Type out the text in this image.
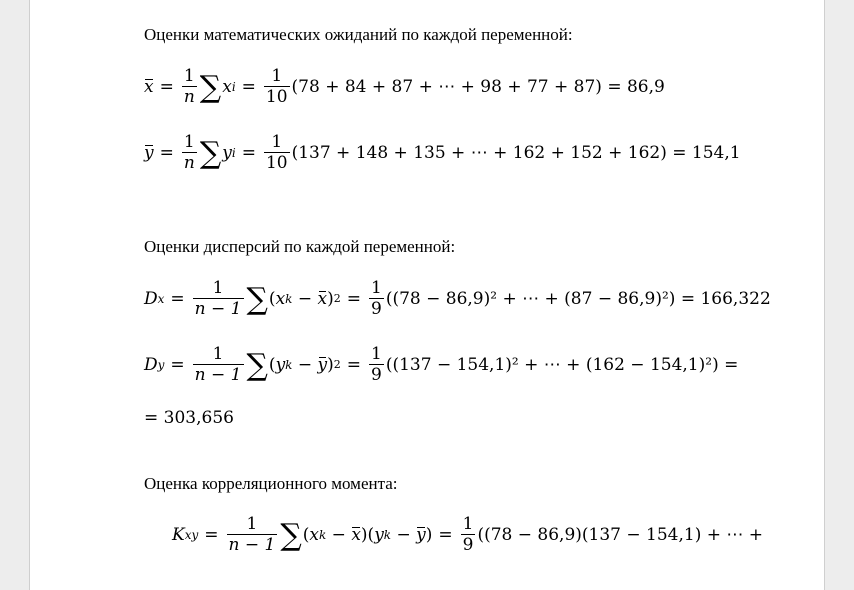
Оценки математических ожиданий по каждой переменной:
$x = \frac{1}{n}$ ∑ x $i = \frac{1}{10} (78 + 84 + 87$ + ⋯ + 98 + 77 + 87) = 86,9
$y = \frac{1}{n}$ ∑ y $i = \frac{1}{10} (137 + 148 + 135$ + ⋯ + 162 + 152 + 162) = 154,1
Оценки дисперсий по каждой переменной:
D $x = \frac{1}{n - 1}$ ∑ ( x k − x ) $2 = \frac{1}{9} ((78 - 86,9)^2$ + ⋯ + (87 − 86,9)²) = 166,322
D $y = \frac{1}{n - 1}$ ∑ ( y k − y ) $2 = \frac{1}{9} ((137 - 154,1)^2$ + ⋯ + (162 − 154,1)²) =
= 303,656
Оценка корреляционного момента:
K xy = $\frac{1}{n - 1}$ ∑ ( x k − x )( y k − y )
= $\frac{1}{9} ((78 - 86,9)(137 - 154,1)$ + ⋯ +
